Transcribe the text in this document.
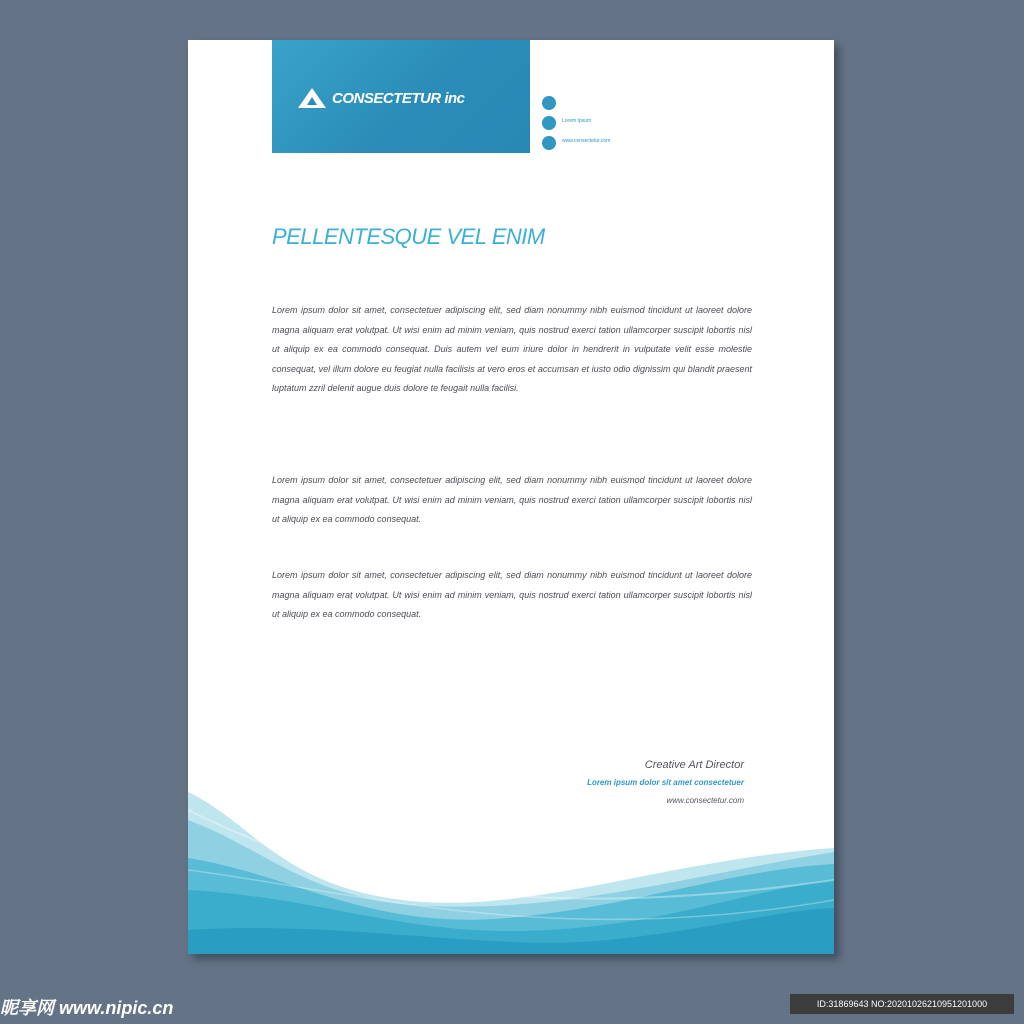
CONSECTETUR inc
Lorem Ipsum
www.consectetur.com
PELLENTESQUE VEL ENIM

Lorem ipsum dolor sit amet, consectetuer adipiscing elit, sed diam nonummy nibh euismod tincidunt ut laoreet dolore magna aliquam erat volutpat. Ut wisi enim ad minim veniam, quis nostrud exerci tation ullamcorper suscipit lobortis nisl ut aliquip ex ea commodo consequat. Duis autem vel eum iriure dolor in hendrerit in vulputate velit esse molestie consequat, vel illum dolore eu feugiat nulla facilisis at vero eros et accumsan et iusto odio dignissim qui blandit praesent luptatum zzril delenit augue duis dolore te feugait nulla facilisi.

Lorem ipsum dolor sit amet, consectetuer adipiscing elit, sed diam nonummy nibh euismod tincidunt ut laoreet dolore magna aliquam erat volutpat. Ut wisi enim ad minim veniam, quis nostrud exerci tation ullamcorper suscipit lobortis nisl ut aliquip ex ea commodo consequat.

Lorem ipsum dolor sit amet, consectetuer adipiscing elit, sed diam nonummy nibh euismod tincidunt ut laoreet dolore magna aliquam erat volutpat. Ut wisi enim ad minim veniam, quis nostrud exerci tation ullamcorper suscipit lobortis nisl ut aliquip ex ea commodo consequat.

Creative Art Director
Lorem ipsum dolor sit amet consectetuer
www.consectetur.com
昵享网 www.nipic.cn	ID:31869643 NO:20201026210951201000
